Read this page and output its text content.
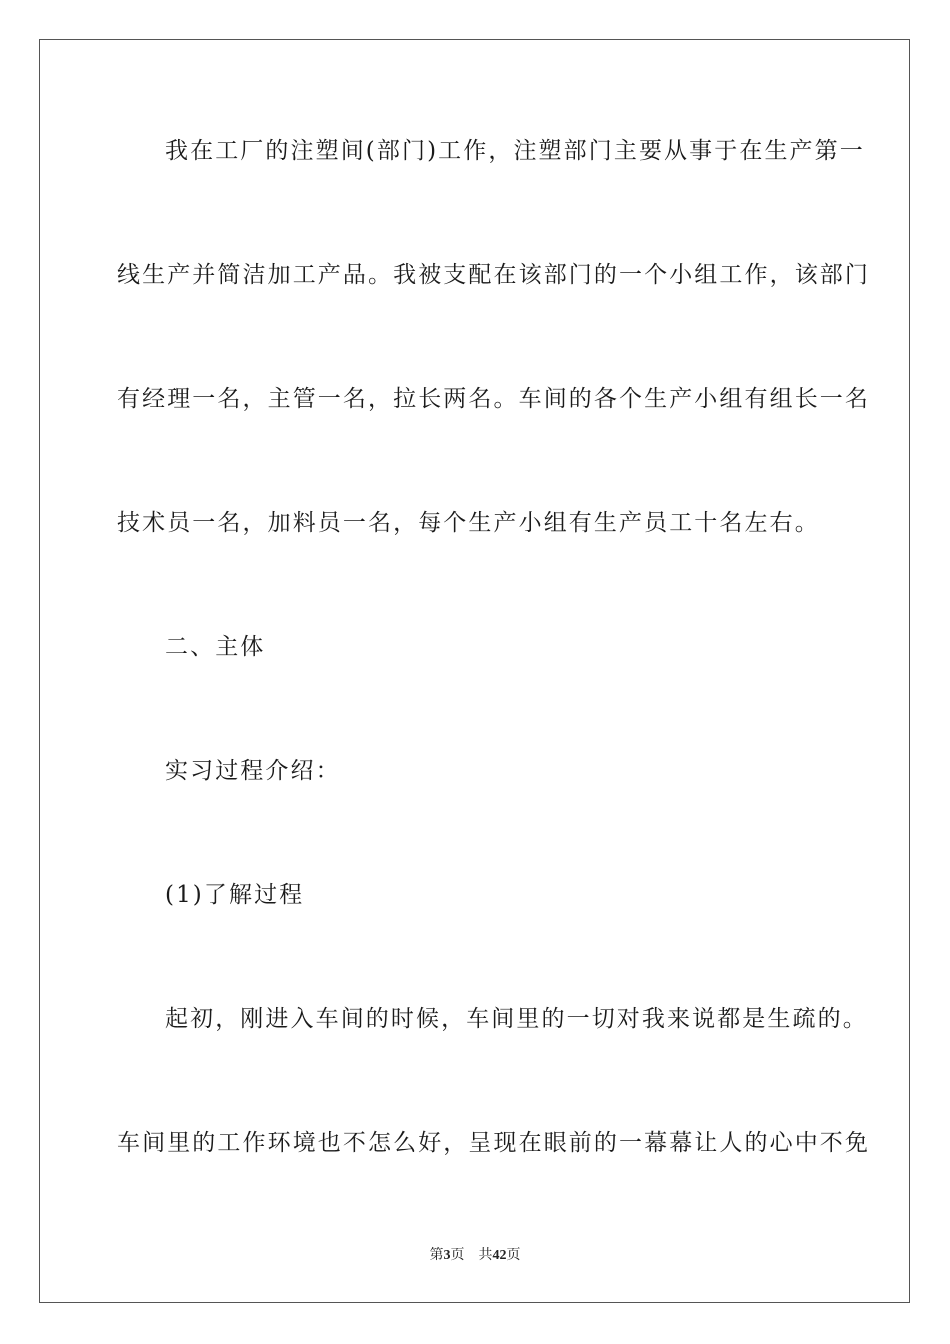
我在工厂的注塑间(部门)工作，注塑部门主要从事于在生产第一
线生产并简洁加工产品。我被支配在该部门的一个小组工作，该部门
有经理一名，主管一名，拉长两名。车间的各个生产小组有组长一名
技术员一名，加料员一名，每个生产小组有生产员工十名左右。
二、主体
实习过程介绍：
(1)了解过程
起初，刚进入车间的时候，车间里的一切对我来说都是生疏的。
车间里的工作环境也不怎么好，呈现在眼前的一幕幕让人的心中不免
第3页 共42页
